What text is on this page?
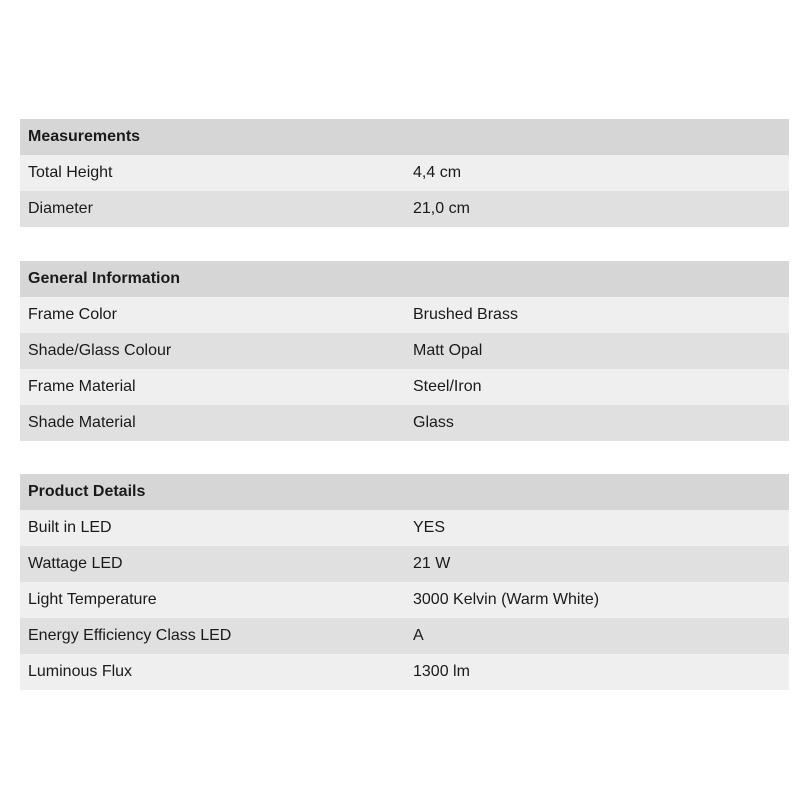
Measurements
Total Height	4,4 cm
Diameter	21,0 cm
General Information
Frame Color	Brushed Brass
Shade/Glass Colour	Matt Opal
Frame Material	Steel/Iron
Shade Material	Glass
Product Details
Built in LED	YES
Wattage LED	21 W
Light Temperature	3000 Kelvin (Warm White)
Energy Efficiency Class LED	A
Luminous Flux	1300 lm
